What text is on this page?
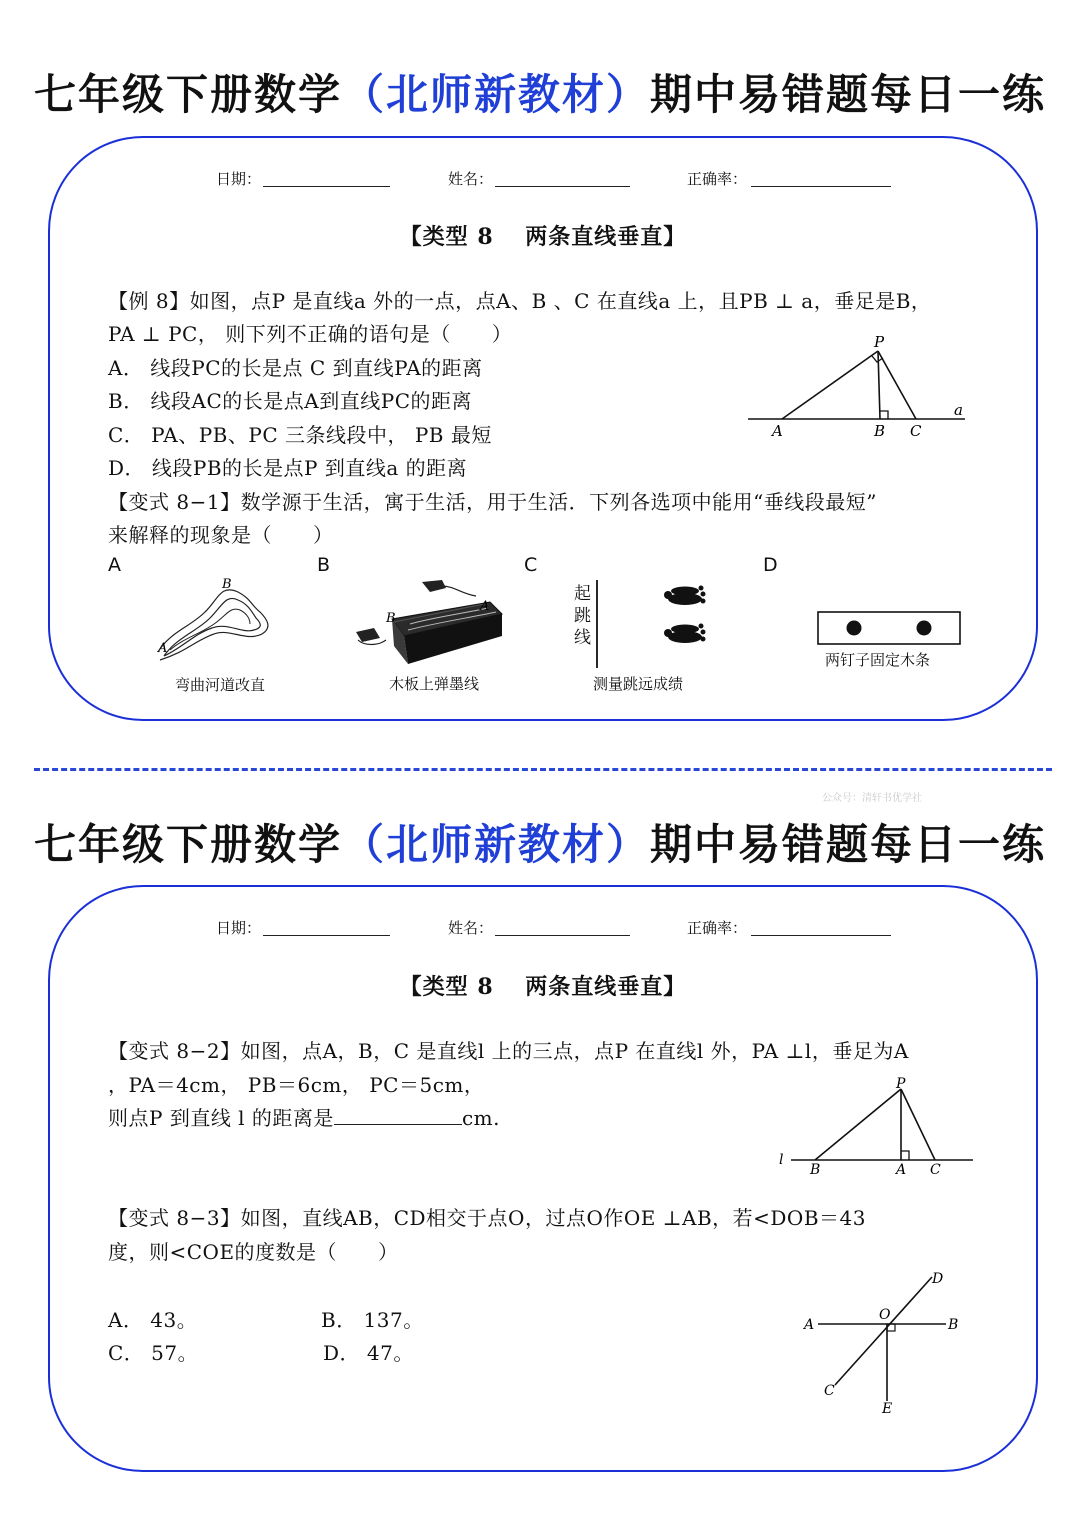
七年级下册数学（北师新教材）期中易错题每日一练
日期：	姓名：	正确率：
【类型 8　 两条直线垂直】
【例 8】如图，点P 是直线a 外的一点，点A、B 、C 在直线a 上，且PB ⊥ a，垂足是B，
PA ⊥ PC， 则下列不正确的语句是（　　）
A． 线段PC的长是点 C 到直线PA的距离
B． 线段AC的长是点A到直线PC的距离
C． PA、PB、PC 三条线段中， PB 最短
D． 线段PB的长是点P 到直线a 的距离
P
A	B C
a
【变式 8−1】数学源于生活，寓于生活，用于生活．下列各选项中能用“垂线段最短”
来解释的现象是（　　）
A	B	C	D
B
A
弯曲河道改直
B
A
木板上弹墨线
起
跳
线
测量跳远成绩
两钉子固定木条
公众号：清轩书优学社
七年级下册数学（北师新教材）期中易错题每日一练
日期：	姓名：	正确率：
【类型 8　 两条直线垂直】
【变式 8−2】如图，点A，B，C 是直线l 上的三点，点P 在直线l 外，PA ⊥l，垂足为A
，PA＝4cm， PB＝6cm， PC＝5cm，
则点P 到直线 l 的距离是	cm.
P
l
B	A C
【变式 8−3】如图，直线AB，CD相交于点O，过点O作OE ⊥AB，若<DOB＝43
度，则<COE的度数是（　　）
A． 43。	B． 137。
C． 57。	D． 47。
D
A
O
B
C
E
